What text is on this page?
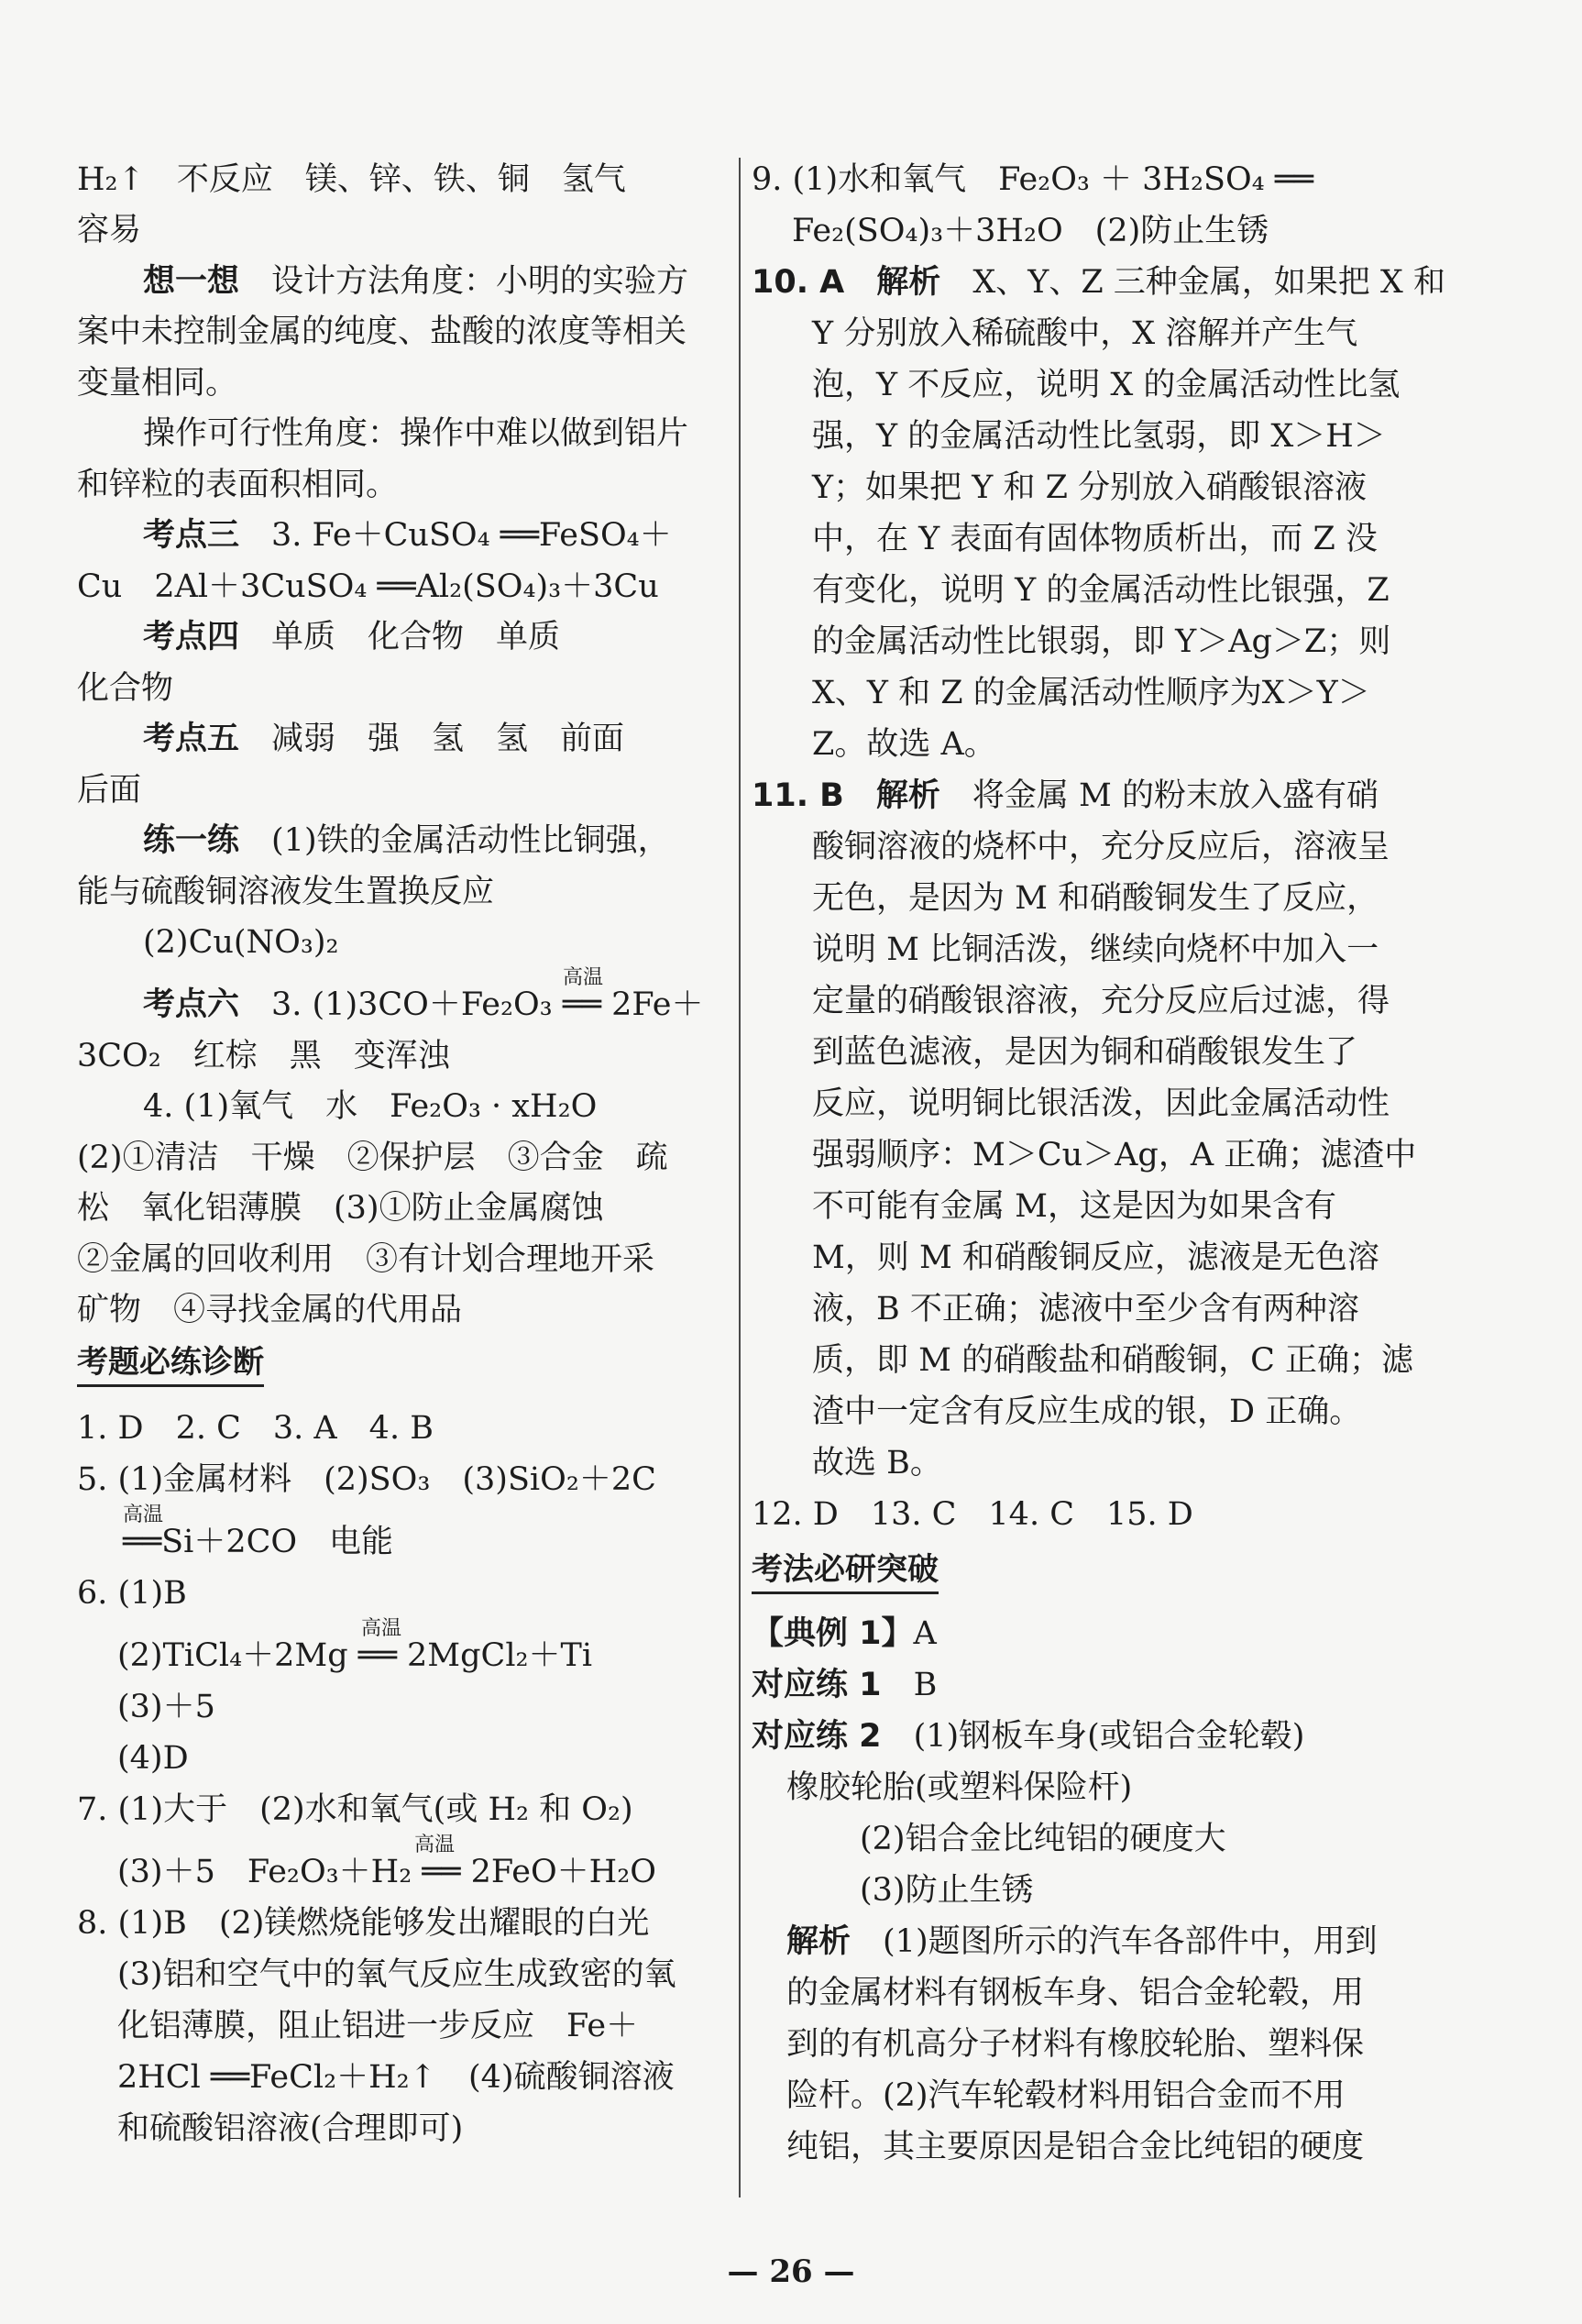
H₂↑　不反应　镁、锌、铁、铜　氢气
容易
想一想　 设计方法角度：小明的实验方
案中未控制金属的纯度、盐酸的浓度等相关
变量相同。
操作可行性角度：操作中难以做到铝片
和锌粒的表面积相同。
考点三　 3. Fe＋CuSO₄ ══FeSO₄＋
Cu　2Al＋3CuSO₄ ══Al₂(SO₄)₃＋3Cu
考点四　 单质　化合物　单质
化合物
考点五　 减弱　强　氢　氢　前面
后面
练一练　 (1)铁的金属活动性比铜强，
能与硫酸铜溶液发生置换反应
(2)Cu(NO₃)₂
高温
考点六　 3. (1)3CO＋Fe₂O₃ ══ 2Fe＋
3CO₂　红棕　黑　变浑浊
4. (1)氧气　水　Fe₂O₃ · xH₂O
(2)①清洁　干燥　②保护层　③合金　疏
松　氧化铝薄膜　(3)①防止金属腐蚀
②金属的回收利用　③有计划合理地开采
矿物　④寻找金属的代用品
考题必练诊断
1. D　2. C　3. A　4. B
5. (1)金属材料　(2)SO₃　(3)SiO₂＋2C
高温
══Si＋2CO　电能
6. (1)B
高温
(2)TiCl₄＋2Mg ══ 2MgCl₂＋Ti
(3)＋5
(4)D
7. (1)大于　(2)水和氧气(或 H₂ 和 O₂)
高温
(3)＋5　Fe₂O₃＋H₂ ══ 2FeO＋H₂O
8. (1)B　(2)镁燃烧能够发出耀眼的白光
(3)铝和空气中的氧气反应生成致密的氧
化铝薄膜，阻止铝进一步反应　Fe＋
2HCl ══FeCl₂＋H₂↑　(4)硫酸铜溶液
和硫酸铝溶液(合理即可)
9. (1)水和氧气　Fe₂O₃ ＋ 3H₂SO₄ ══
Fe₂(SO₄)₃＋3H₂O　(2)防止生锈
10. A　 解析　 X、Y、Z 三种金属，如果把 X 和
Y 分别放入稀硫酸中，X 溶解并产生气
泡，Y 不反应，说明 X 的金属活动性比氢
强，Y 的金属活动性比氢弱，即 X＞H＞
Y；如果把 Y 和 Z 分别放入硝酸银溶液
中，在 Y 表面有固体物质析出，而 Z 没
有变化，说明 Y 的金属活动性比银强，Z
的金属活动性比银弱，即 Y＞Ag＞Z；则
X、Y 和 Z 的金属活动性顺序为X＞Y＞
Z。故选 A。
11. B　 解析　 将金属 M 的粉末放入盛有硝
酸铜溶液的烧杯中，充分反应后，溶液呈
无色，是因为 M 和硝酸铜发生了反应，
说明 M 比铜活泼，继续向烧杯中加入一
定量的硝酸银溶液，充分反应后过滤，得
到蓝色滤液，是因为铜和硝酸银发生了
反应，说明铜比银活泼，因此金属活动性
强弱顺序：M＞Cu＞Ag，A 正确；滤渣中
不可能有金属 M，这是因为如果含有
M，则 M 和硝酸铜反应，滤液是无色溶
液，B 不正确；滤液中至少含有两种溶
质，即 M 的硝酸盐和硝酸铜，C 正确；滤
渣中一定含有反应生成的银，D 正确。
故选 B。
12. D　13. C　14. C　15. D
考法必研突破
【典例 1】A
对应练 1　 B
对应练 2　 (1)钢板车身(或铝合金轮毂)
橡胶轮胎(或塑料保险杆)
(2)铝合金比纯铝的硬度大
(3)防止生锈
解析　 (1)题图所示的汽车各部件中，用到
的金属材料有钢板车身、铝合金轮毂，用
到的有机高分子材料有橡胶轮胎、塑料保
险杆。(2)汽车轮毂材料用铝合金而不用
纯铝，其主要原因是铝合金比纯铝的硬度
— 26 —
